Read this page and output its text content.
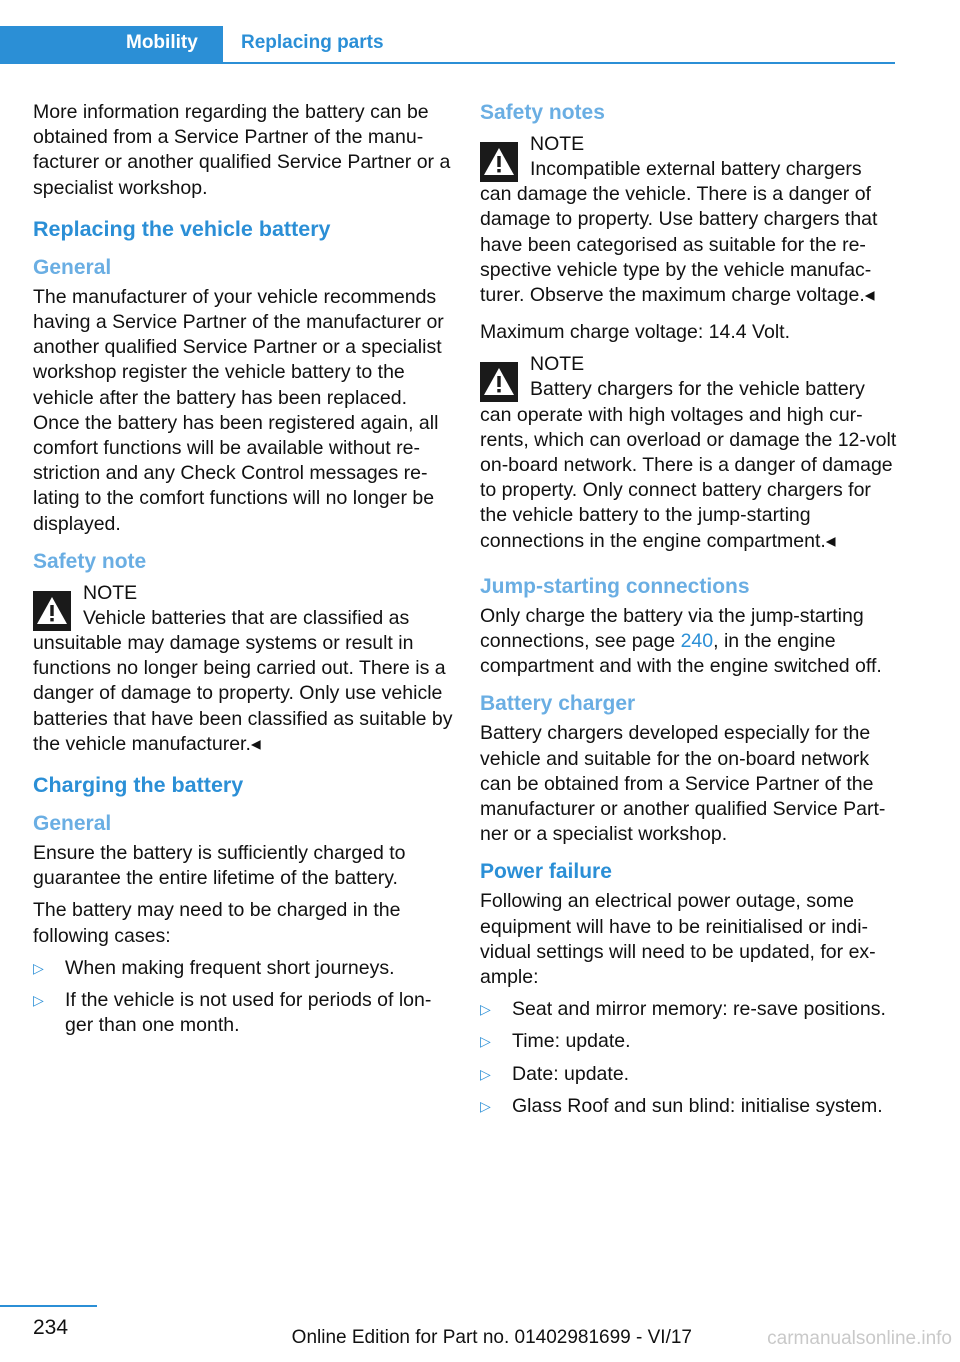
Mobility Replacing parts

More information regarding the battery can be obtained from a Service Partner of the manufacturer or another qualified Service Partner or a specialist workshop.

Replacing the vehicle battery
General

The manufacturer of your vehicle recommends having a Service Partner of the manufacturer or another qualified Service Partner or a specialist workshop register the vehicle battery to the vehicle after the battery has been replaced. Once the battery has been registered again, all comfort functions will be available without restriction and any Check Control messages relating to the comfort functions will no longer be displayed.

Safety note
NOTE
Vehicle batteries that are classified as
unsuitable may damage systems or result in functions no longer being carried out. There is a danger of damage to property. Only use vehicle batteries that have been classified as suitable by the vehicle manufacturer.◂
Charging the battery
General

Ensure the battery is sufficiently charged to guarantee the entire lifetime of the battery.

The battery may need to be charged in the following cases:

▷ When making frequent short journeys.
▷ If the vehicle is not used for periods of longer than one month.
Safety notes
NOTE
Incompatible external battery chargers
can damage the vehicle. There is a danger of damage to property. Use battery chargers that have been categorised as suitable for the respective vehicle type by the vehicle manufacturer. Observe the maximum charge voltage.◂

Maximum charge voltage: 14.4 Volt.

NOTE
Battery chargers for the vehicle battery
can operate with high voltages and high currents, which can overload or damage the 12-volt on-board network. There is a danger of damage to property. Only connect battery chargers for the vehicle battery to the jump-starting connections in the engine compartment.◂
Jump-starting connections

Only charge the battery via the jump-starting connections, see page 240, in the engine compartment and with the engine switched off.

Battery charger

Battery chargers developed especially for the vehicle and suitable for the on-board network can be obtained from a Service Partner of the manufacturer or another qualified Service Partner or a specialist workshop.

Power failure

Following an electrical power outage, some equipment will have to be reinitialised or individual settings will need to be updated, for example:

▷ Seat and mirror memory: re-save positions.
▷ Time: update.
▷ Date: update.
▷ Glass Roof and sun blind: initialise system.
234	Online Edition for Part no. 01402981699 - VI/17	carmanualsonline.info
